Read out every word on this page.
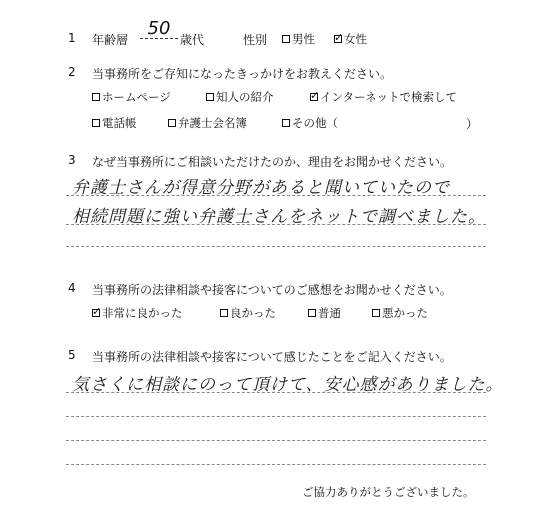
1 年齢層
50
歳代	性別 男性 ✓	女性
2 当事務所をご存知になったきっかけをお教えください。
ホームページ	知人の紹介 ✓	インターネットで検索して
電話帳	弁護士会名簿	その他（	）
3 なぜ当事務所にご相談いただけたのか、理由をお聞かせください。
弁護士さんが得意分野があると聞いていたので
相続問題に強い弁護士さんをネットで調べました。
4 当事務所の法律相談や接客についてのご感想をお聞かせください。
✓
非常に良かった	良かった	普通	悪かった
5 当事務所の法律相談や接客について感じたことをご記入ください。
気さくに相談にのって頂けて、安心感がありました。
ご協力ありがとうございました。
